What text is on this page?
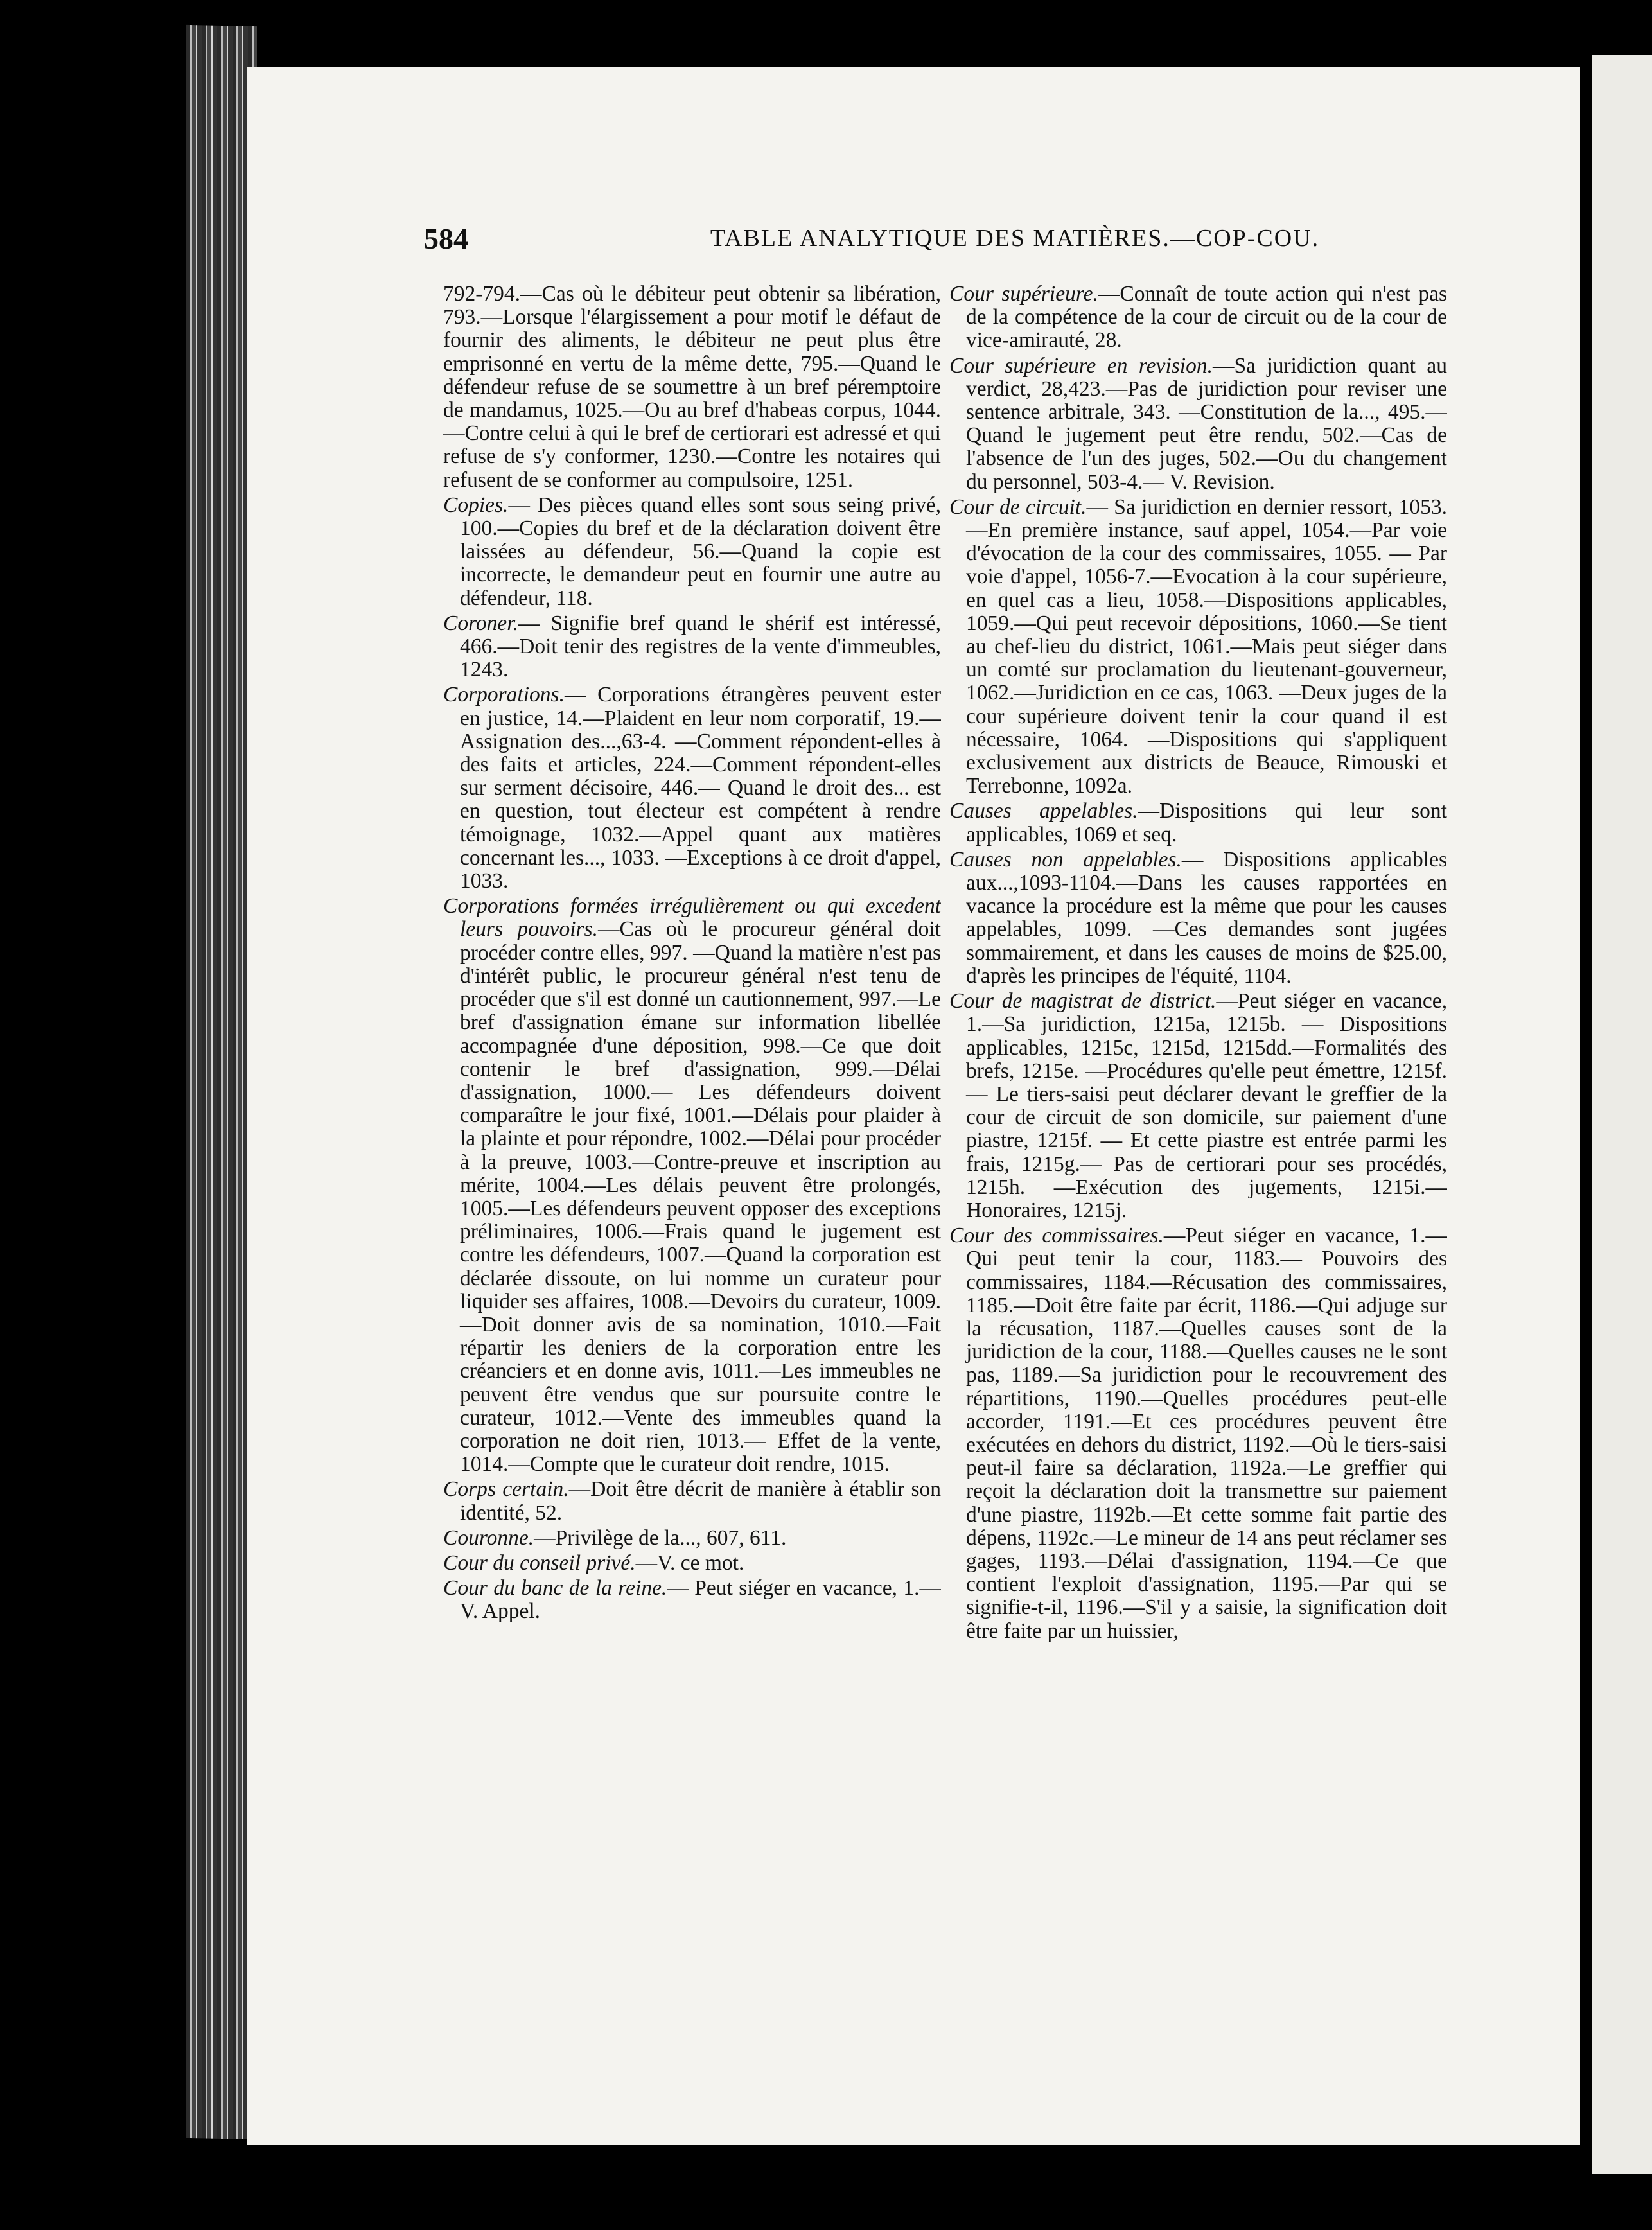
584	TABLE ANALYTIQUE DES MATIÈRES.—COP-COU.

792-794.—Cas où le débiteur peut obtenir sa libération, 793.—Lorsque l'élargissement a pour motif le défaut de fournir des aliments, le débiteur ne peut plus être emprisonné en vertu de la même dette, 795.—Quand le défendeur refuse de se soumettre à un bref péremptoire de mandamus, 1025.—Ou au bref d'habeas corpus, 1044.—Contre celui à qui le bref de certiorari est adressé et qui refuse de s'y conformer, 1230.—Contre les notaires qui refusent de se conformer au compulsoire, 1251.

Copies.— Des pièces quand elles sont sous seing privé, 100.—Copies du bref et de la déclaration doivent être laissées au défendeur, 56.—Quand la copie est incorrecte, le demandeur peut en fournir une autre au défendeur, 118.

Coroner.— Signifie bref quand le shérif est intéressé, 466.—Doit tenir des registres de la vente d'immeubles, 1243.

Corporations.— Corporations étrangères peuvent ester en justice, 14.—Plaident en leur nom corporatif, 19.—Assignation des...,63-4. —Comment répondent-elles à des faits et articles, 224.—Comment répondent-elles sur serment décisoire, 446.— Quand le droit des... est en question, tout électeur est compétent à rendre témoignage, 1032.—Appel quant aux matières concernant les..., 1033. —Exceptions à ce droit d'appel, 1033.

Corporations formées irrégulièrement ou qui excedent leurs pouvoirs.—Cas où le procureur général doit procéder contre elles, 997. —Quand la matière n'est pas d'intérêt public, le procureur général n'est tenu de procéder que s'il est donné un cautionnement, 997.—Le bref d'assignation émane sur information libellée accompagnée d'une déposition, 998.—Ce que doit contenir le bref d'assignation, 999.—Délai d'assignation, 1000.— Les défendeurs doivent comparaître le jour fixé, 1001.—Délais pour plaider à la plainte et pour répondre, 1002.—Délai pour procéder à la preuve, 1003.—Contre-preuve et inscription au mérite, 1004.—Les délais peuvent être prolongés, 1005.—Les défendeurs peuvent opposer des exceptions préliminaires, 1006.—Frais quand le jugement est contre les défendeurs, 1007.—Quand la corporation est déclarée dissoute, on lui nomme un curateur pour liquider ses affaires, 1008.—Devoirs du curateur, 1009.—Doit donner avis de sa nomination, 1010.—Fait répartir les deniers de la corporation entre les créanciers et en donne avis, 1011.—Les immeubles ne peuvent être vendus que sur poursuite contre le curateur, 1012.—Vente des immeubles quand la corporation ne doit rien, 1013.— Effet de la vente, 1014.—Compte que le curateur doit rendre, 1015.

Corps certain.—Doit être décrit de manière à établir son identité, 52.

Couronne.—Privilège de la..., 607, 611.

Cour du conseil privé.—V. ce mot.

Cour du banc de la reine.— Peut siéger en vacance, 1.—V. Appel.

Cour supérieure.—Connaît de toute action qui n'est pas de la compétence de la cour de circuit ou de la cour de vice-amirauté, 28.

Cour supérieure en revision.—Sa juridiction quant au verdict, 28,423.—Pas de juridiction pour reviser une sentence arbitrale, 343. —Constitution de la..., 495.—Quand le jugement peut être rendu, 502.—Cas de l'absence de l'un des juges, 502.—Ou du changement du personnel, 503-4.— V. Revision.

Cour de circuit.— Sa juridiction en dernier ressort, 1053.—En première instance, sauf appel, 1054.—Par voie d'évocation de la cour des commissaires, 1055. — Par voie d'appel, 1056-7.—Evocation à la cour supérieure, en quel cas a lieu, 1058.—Dispositions applicables, 1059.—Qui peut recevoir dépositions, 1060.—Se tient au chef-lieu du district, 1061.—Mais peut siéger dans un comté sur proclamation du lieutenant-gouverneur, 1062.—Juridiction en ce cas, 1063. —Deux juges de la cour supérieure doivent tenir la cour quand il est nécessaire, 1064. —Dispositions qui s'appliquent exclusivement aux districts de Beauce, Rimouski et Terrebonne, 1092a.

Causes appelables.—Dispositions qui leur sont applicables, 1069 et seq.

Causes non appelables.— Dispositions applicables aux...,1093-1104.—Dans les causes rapportées en vacance la procédure est la même que pour les causes appelables, 1099. —Ces demandes sont jugées sommairement, et dans les causes de moins de $25.00, d'après les principes de l'équité, 1104.

Cour de magistrat de district.—Peut siéger en vacance, 1.—Sa juridiction, 1215a, 1215b. — Dispositions applicables, 1215c, 1215d, 1215dd.—Formalités des brefs, 1215e. —Procédures qu'elle peut émettre, 1215f.— Le tiers-saisi peut déclarer devant le greffier de la cour de circuit de son domicile, sur paiement d'une piastre, 1215f. — Et cette piastre est entrée parmi les frais, 1215g.— Pas de certiorari pour ses procédés, 1215h. —Exécution des jugements, 1215i.—Honoraires, 1215j.

Cour des commissaires.—Peut siéger en vacance, 1.—Qui peut tenir la cour, 1183.— Pouvoirs des commissaires, 1184.—Récusation des commissaires, 1185.—Doit être faite par écrit, 1186.—Qui adjuge sur la récusation, 1187.—Quelles causes sont de la juridiction de la cour, 1188.—Quelles causes ne le sont pas, 1189.—Sa juridiction pour le recouvrement des répartitions, 1190.—Quelles procédures peut-elle accorder, 1191.—Et ces procédures peuvent être exécutées en dehors du district, 1192.—Où le tiers-saisi peut-il faire sa déclaration, 1192a.—Le greffier qui reçoit la déclaration doit la transmettre sur paiement d'une piastre, 1192b.—Et cette somme fait partie des dépens, 1192c.—Le mineur de 14 ans peut réclamer ses gages, 1193.—Délai d'assignation, 1194.—Ce que contient l'exploit d'assignation, 1195.—Par qui se signifie-t-il, 1196.—S'il y a saisie, la signification doit être faite par un huissier,
